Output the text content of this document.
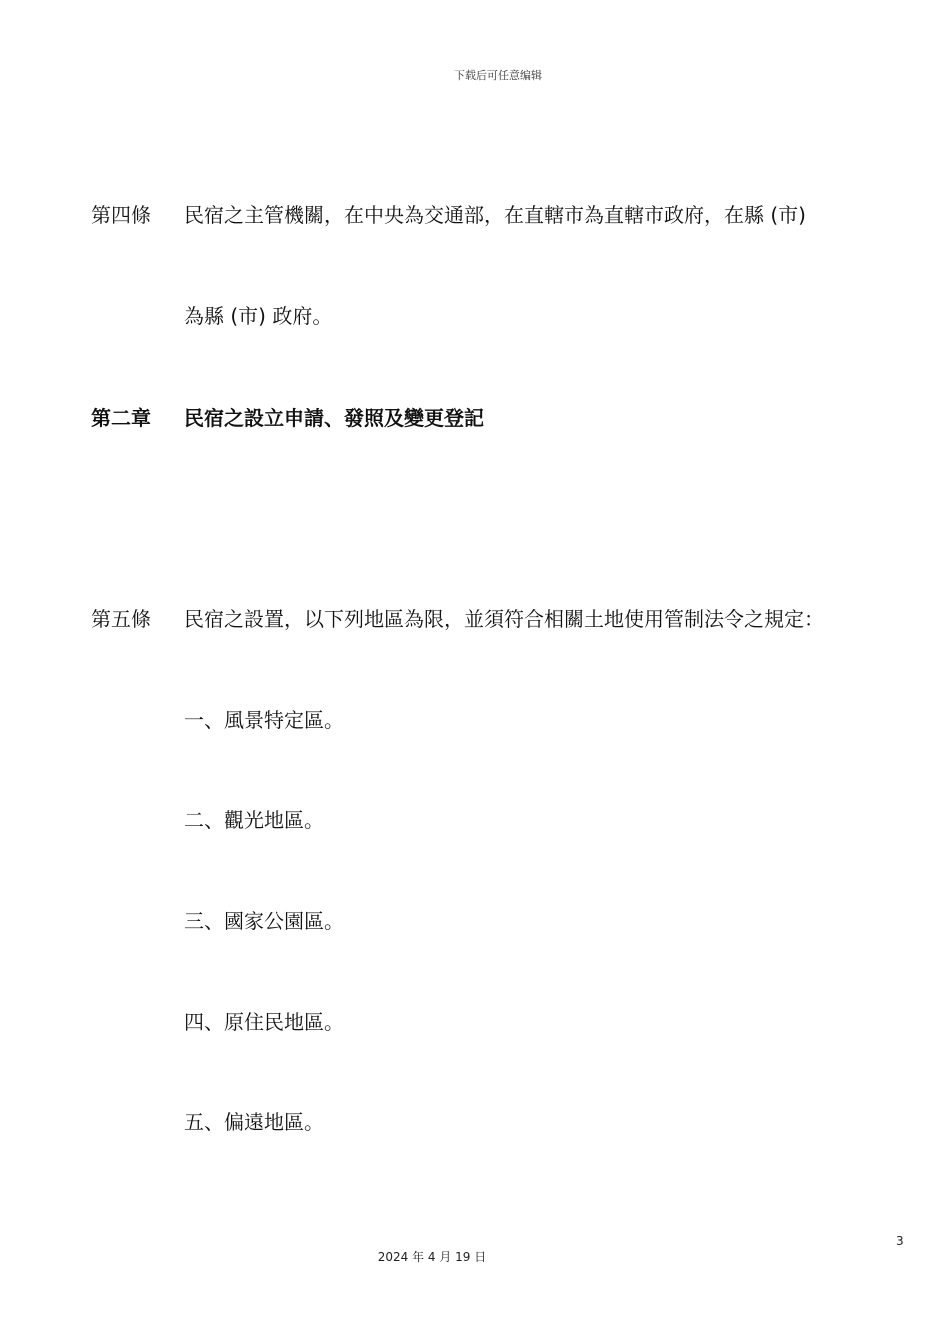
下载后可任意编辑
第四條 民宿之主管機關，在中央為交通部，在直轄市為直轄市政府，在縣 (市)
為縣 (市) 政府。
第二章 民宿之設立申請、發照及變更登記
第五條 民宿之設置，以下列地區為限，並須符合相關土地使用管制法令之規定：
一、風景特定區。
二、觀光地區。
三、國家公園區。
四、原住民地區。
五、偏遠地區。
3
2024 年 4 月 19 日
